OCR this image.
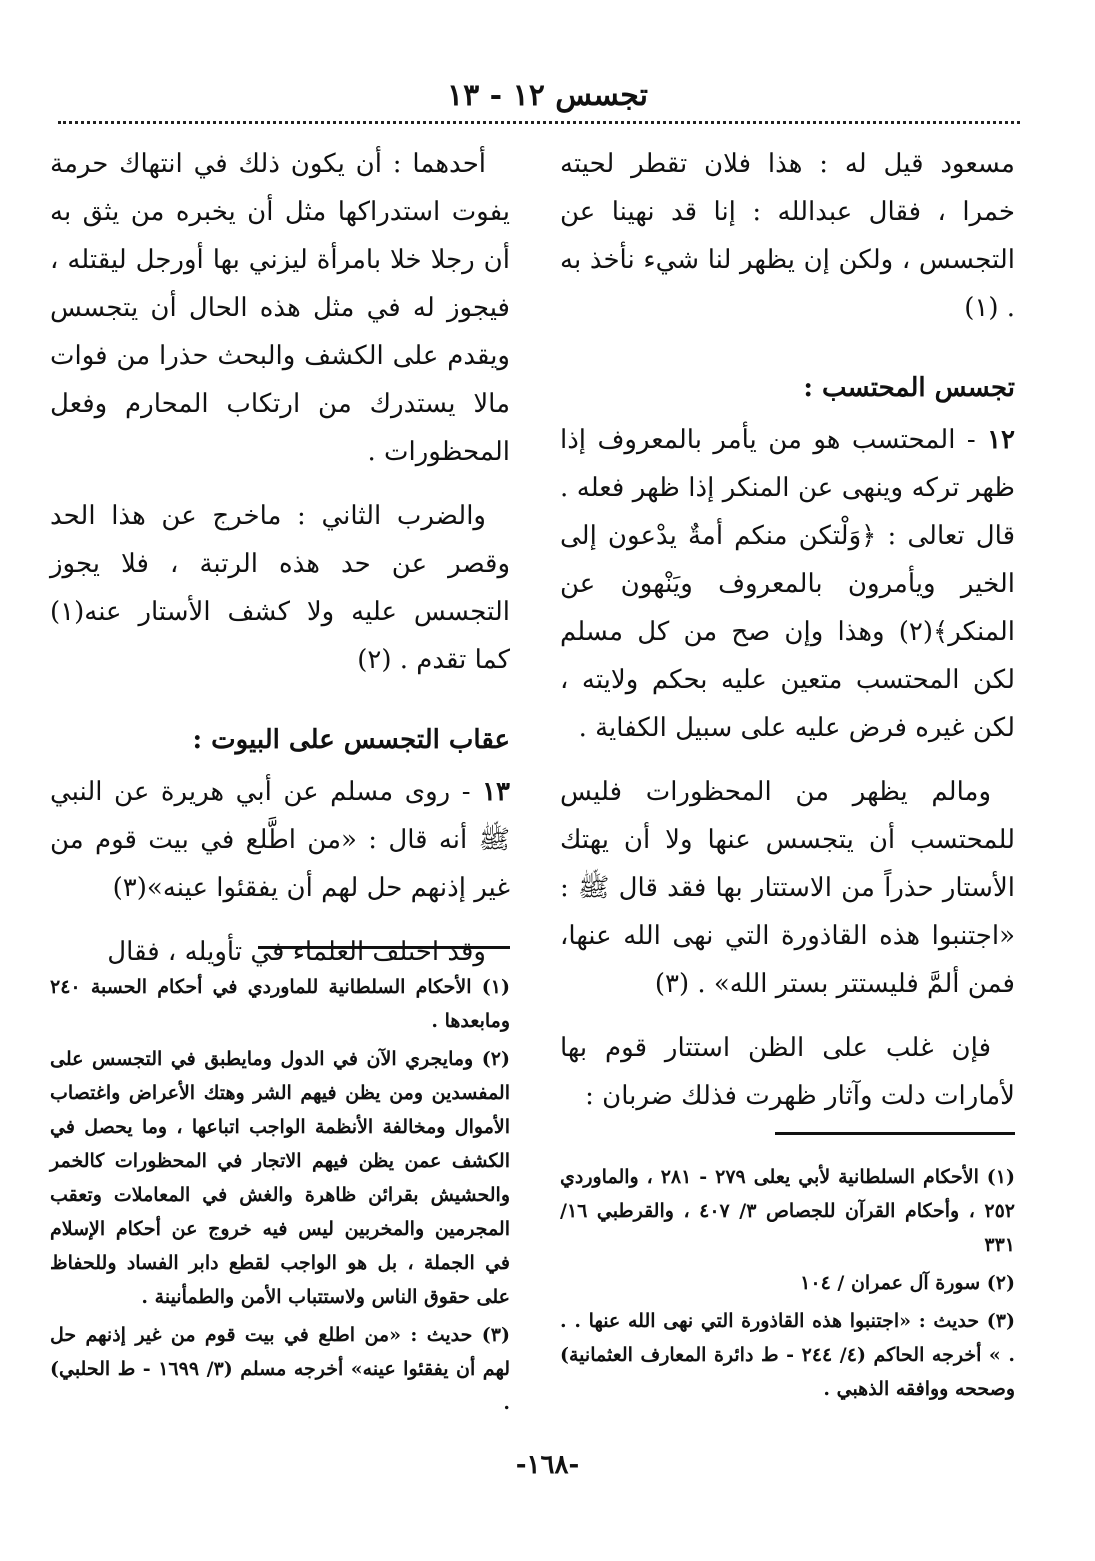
تجسس ١٢ - ١٣

مسعود قيل له : هذا فلان تقطر لحيته خمرا ، فقال عبدالله : إنا قد نهينا عن التجسس ، ولكن إن يظهر لنا شيء نأخذ به . (١)

تجسس المحتسب :

١٢ - المحتسب هو من يأمر بالمعروف إذا ظهر تركه وينهى عن المنكر إذا ظهر فعله . قال تعالى : ﴿وَلْتكن منكم أمةٌ يدْعون إلى الخير ويأمرون بالمعروف ويَنْهون عن المنكر﴾(٢) وهذا وإن صح من كل مسلم لكن المحتسب متعين عليه بحكم ولايته ، لكن غيره فرض عليه على سبيل الكفاية .

ومالم يظهر من المحظورات فليس للمحتسب أن يتجسس عنها ولا أن يهتك الأستار حذراً من الاستتار بها فقد قال ﷺ : «اجتنبوا هذه القاذورة التي نهى الله عنها، فمن ألمَّ فليستتر بستر الله» . (٣)

فإن غلب على الظن استتار قوم بها لأمارات دلت وآثار ظهرت فذلك ضربان :

أحدهما : أن يكون ذلك في انتهاك حرمة يفوت استدراكها مثل أن يخبره من يثق به أن رجلا خلا بامرأة ليزني بها أورجل ليقتله ، فيجوز له في مثل هذه الحال أن يتجسس ويقدم على الكشف والبحث حذرا من فوات مالا يستدرك من ارتكاب المحارم وفعل المحظورات .

والضرب الثاني : ماخرج عن هذا الحد وقصر عن حد هذه الرتبة ، فلا يجوز التجسس عليه ولا كشف الأستار عنه(١) كما تقدم . (٢)

عقاب التجسس على البيوت :

١٣ - روى مسلم عن أبي هريرة عن النبي ﷺ أنه قال : «من اطَّلع في بيت قوم من غير إذنهم حل لهم أن يفقئوا عينه»(٣)

وقد اختلف العلماء في تأويله ، فقال

(١) الأحكام السلطانية لأبي يعلى ٢٧٩ - ٢٨١ ، والماوردي ٢٥٢ ، وأحكام القرآن للجصاص ٣/ ٤٠٧ ، والقرطبي ١٦/ ٣٣١

(٢) سورة آل عمران / ١٠٤

(٣) حديث : «اجتنبوا هذه القاذورة التي نهى الله عنها . . . » أخرجه الحاكم (٤/ ٢٤٤ - ط دائرة المعارف العثمانية) وصححه ووافقه الذهبي .

(١) الأحكام السلطانية للماوردي في أحكام الحسبة ٢٤٠ ومابعدها .

(٢) ومايجري الآن في الدول ومايطبق في التجسس على المفسدين ومن يظن فيهم الشر وهتك الأعراض واغتصاب الأموال ومخالفة الأنظمة الواجب اتباعها ، وما يحصل في الكشف عمن يظن فيهم الاتجار في المحظورات كالخمر والحشيش بقرائن ظاهرة والغش في المعاملات وتعقب المجرمين والمخربين ليس فيه خروج عن أحكام الإسلام في الجملة ، بل هو الواجب لقطع دابر الفساد وللحفاظ على حقوق الناس ولاستتباب الأمن والطمأنينة .

(٣) حديث : «من اطلع في بيت قوم من غير إذنهم حل لهم أن يفقئوا عينه» أخرجه مسلم (٣/ ١٦٩٩ - ط الحلبي) .

-١٦٨-
